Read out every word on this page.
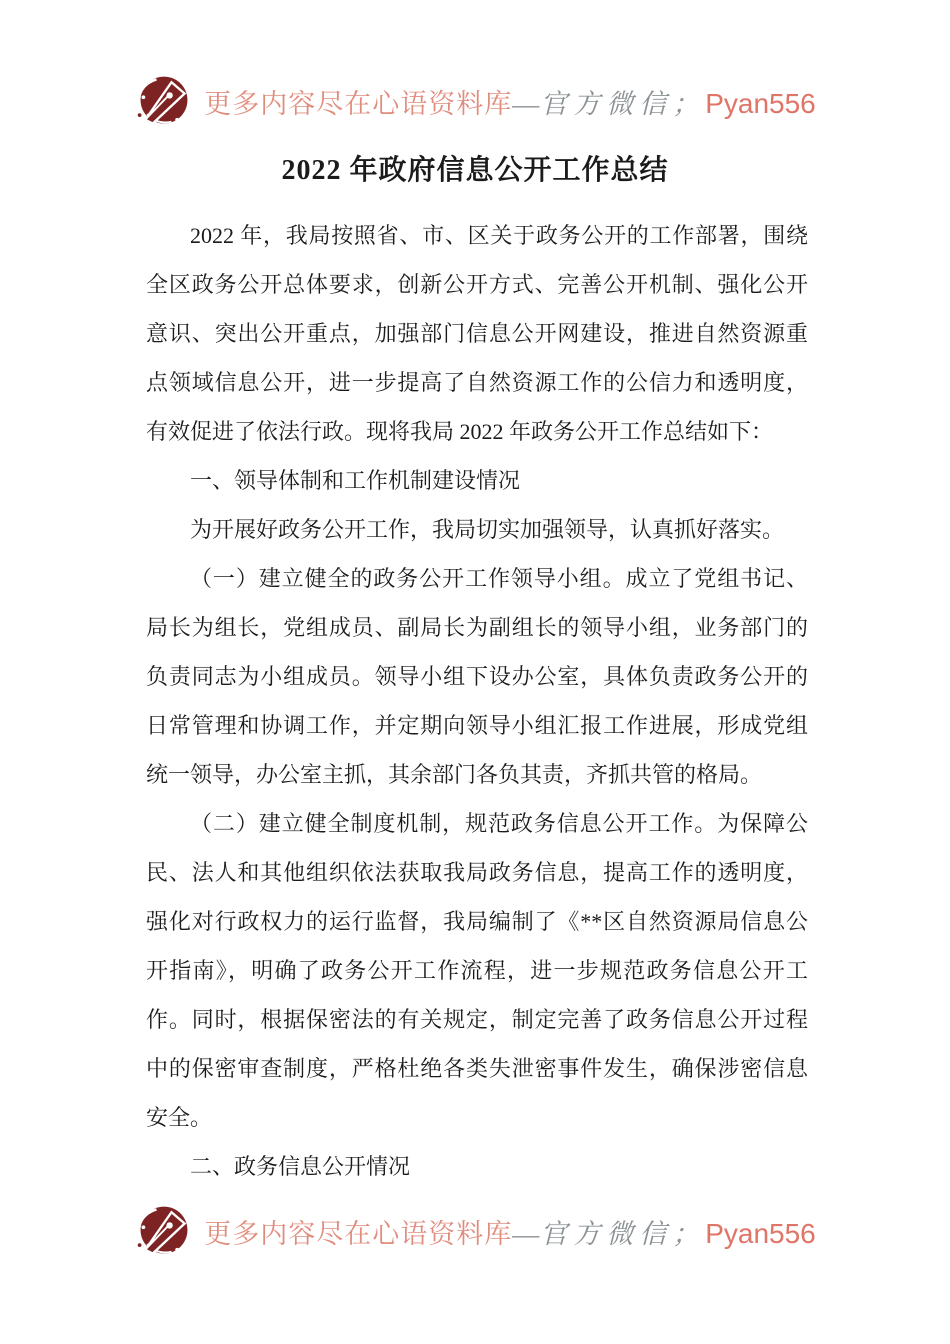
更多内容尽在心语资料库—官方微信；Pyan556
2022 年政府信息公开工作总结
2022 年，我局按照省、市、区关于政务公开的工作部署，围绕
全区政务公开总体要求，创新公开方式、完善公开机制、强化公开
意识、突出公开重点，加强部门信息公开网建设，推进自然资源重
点领域信息公开，进一步提高了自然资源工作的公信力和透明度，
有效促进了依法行政。现将我局 2022 年政务公开工作总结如下：
一、领导体制和工作机制建设情况
为开展好政务公开工作，我局切实加强领导，认真抓好落实。
（一）建立健全的政务公开工作领导小组。成立了党组书记、
局长为组长，党组成员、副局长为副组长的领导小组，业务部门的
负责同志为小组成员。领导小组下设办公室，具体负责政务公开的
日常管理和协调工作，并定期向领导小组汇报工作进展，形成党组
统一领导，办公室主抓，其余部门各负其责，齐抓共管的格局。
（二）建立健全制度机制，规范政务信息公开工作。为保障公
民、法人和其他组织依法获取我局政务信息，提高工作的透明度，
强化对行政权力的运行监督，我局编制了《**区自然资源局信息公
开指南》，明确了政务公开工作流程，进一步规范政务信息公开工
作。同时，根据保密法的有关规定，制定完善了政务信息公开过程
中的保密审查制度，严格杜绝各类失泄密事件发生，确保涉密信息
安全。
二、政务信息公开情况
更多内容尽在心语资料库—官方微信；Pyan556
